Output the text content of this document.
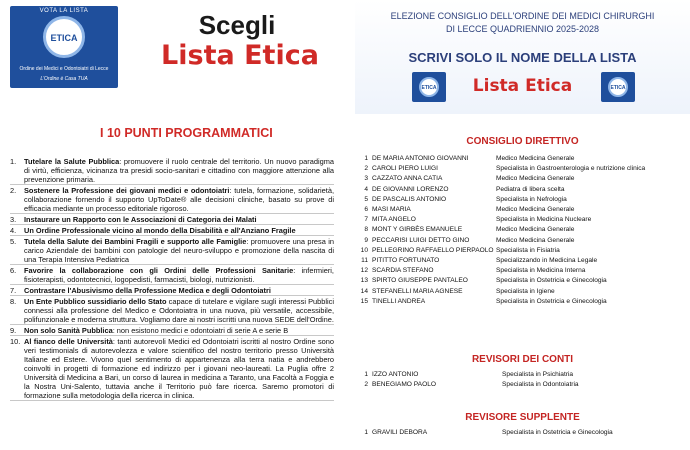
VOTA LA LISTA
ETICA
Ordine dei Medici e Odontoiatri di Lecce
L'Ordine è Casa TUA
Scegli
Lista Etica
I 10 PUNTI PROGRAMMATICI
1.	Tutelare la Salute Pubblica: promuovere il ruolo centrale del territorio. Un nuovo paradigma di virtù, efficienza, vicinanza tra presidi socio-sanitari e cittadino con maggiore attenzione alla prevenzione primaria.
2.	Sostenere la Professione dei giovani medici e odontoiatri: tutela, formazione, solidarietà, collaborazione fornendo il supporto UpToDate® alle decisioni cliniche, basato su prove di efficacia mediante un processo editoriale rigoroso.
3.	Instaurare un Rapporto con le Associazioni di Categoria dei Malati
4.	Un Ordine Professionale vicino al mondo della Disabilità e all'Anziano Fragile
5.	Tutela della Salute dei Bambini Fragili e supporto alle Famiglie: promuovere una presa in carico Aziendale dei bambini con patologie del neuro-sviluppo e promozione della nascita di una Terapia Intensiva Pediatrica
6.	Favorire la collaborazione con gli Ordini delle Professioni Sanitarie: infermieri, fisioterapisti, odontotecnici, logopedisti, farmacisti, biologi, nutrizionisti.
7.	Contrastare l'Abusivismo della Professione Medica e degli Odontoiatri
8.	Un Ente Pubblico sussidiario dello Stato capace di tutelare e vigilare sugli interessi Pubblici connessi alla professione del Medico e Odontoiatra in una nuova, più versatile, accessibile, polifunzionale e moderna struttura. Vogliamo dare ai nostri iscritti una nuova SEDE dell'Ordine.
9.	Non solo Sanità Pubblica: non esistono medici e odontoiatri di serie A e serie B
10. Al fianco delle Università: tanti autorevoli Medici ed Odontoiatri iscritti al nostro Ordine sono veri testimonials di autorevolezza e valore scientifico del nostro territorio presso Università Italiane ed Estere. Vivono quel sentimento di appartenenza alla terra natia e andrebbero coinvolti in progetti di formazione ed indirizzo per i giovani neo-laureati. La Puglia offre 2 Università di Medicina a Bari, un corso di laurea in medicina a Taranto, una Facoltà a Foggia e la Nostra Uni-Salento, tuttavia anche il Territorio può fare ricerca. Saremo promotori di formazione sulla metodologia della ricerca in clinica.
ELEZIONE CONSIGLIO DELL'ORDINE DEI MEDICI CHIRURGHI
DI LECCE QUADRIENNIO 2025-2028
SCRIVI SOLO IL NOME DELLA LISTA
ETICA	Lista Etica	ETICA
CONSIGLIO DIRETTIVO
1 DE MARIA ANTONIO GIOVANNI	Medico Medicina Generale
2 CAROLI PIERO LUIGI	Specialista in Gastroenterologia e nutrizione clinica
3 CAZZATO ANNA CATIA	Medico Medicina Generale
4 DE GIOVANNI LORENZO	Pediatra di libera scelta
5 DE PASCALIS ANTONIO	Specialista in Nefrologia
6 MASI MARIA	Medico Medicina Generale
7 MITA ANGELO	Specialista in Medicina Nucleare
8 MONT Y GIRBÈS EMANUELE	Medico Medicina Generale
9 PECCARISI LUIGI DETTO GINO	Medico Medicina Generale
10 PELLEGRINO RAFFAELLO PIERPAOLO Specialista in Fisiatria
11 PITITTO FORTUNATO	Specializzando in Medicina Legale
12 SCARDIA STEFANO	Specialista in Medicina Interna
13 SPIRTO GIUSEPPE PANTALEO	Specialista in Ostetricia e Ginecologia
14 STEFANELLI MARIA AGNESE	Specialista in Igiene
15 TINELLI ANDREA	Specialista in Ostetricia e Ginecologia
REVISORI DEI CONTI
1 IZZO ANTONIO	Specialista in Psichiatria
2 BENEGIAMO PAOLO	Specialista in Odontoiatria
REVISORE SUPPLENTE
1 GRAVILI DEBORA	Specialista in Ostetricia e Ginecologia
